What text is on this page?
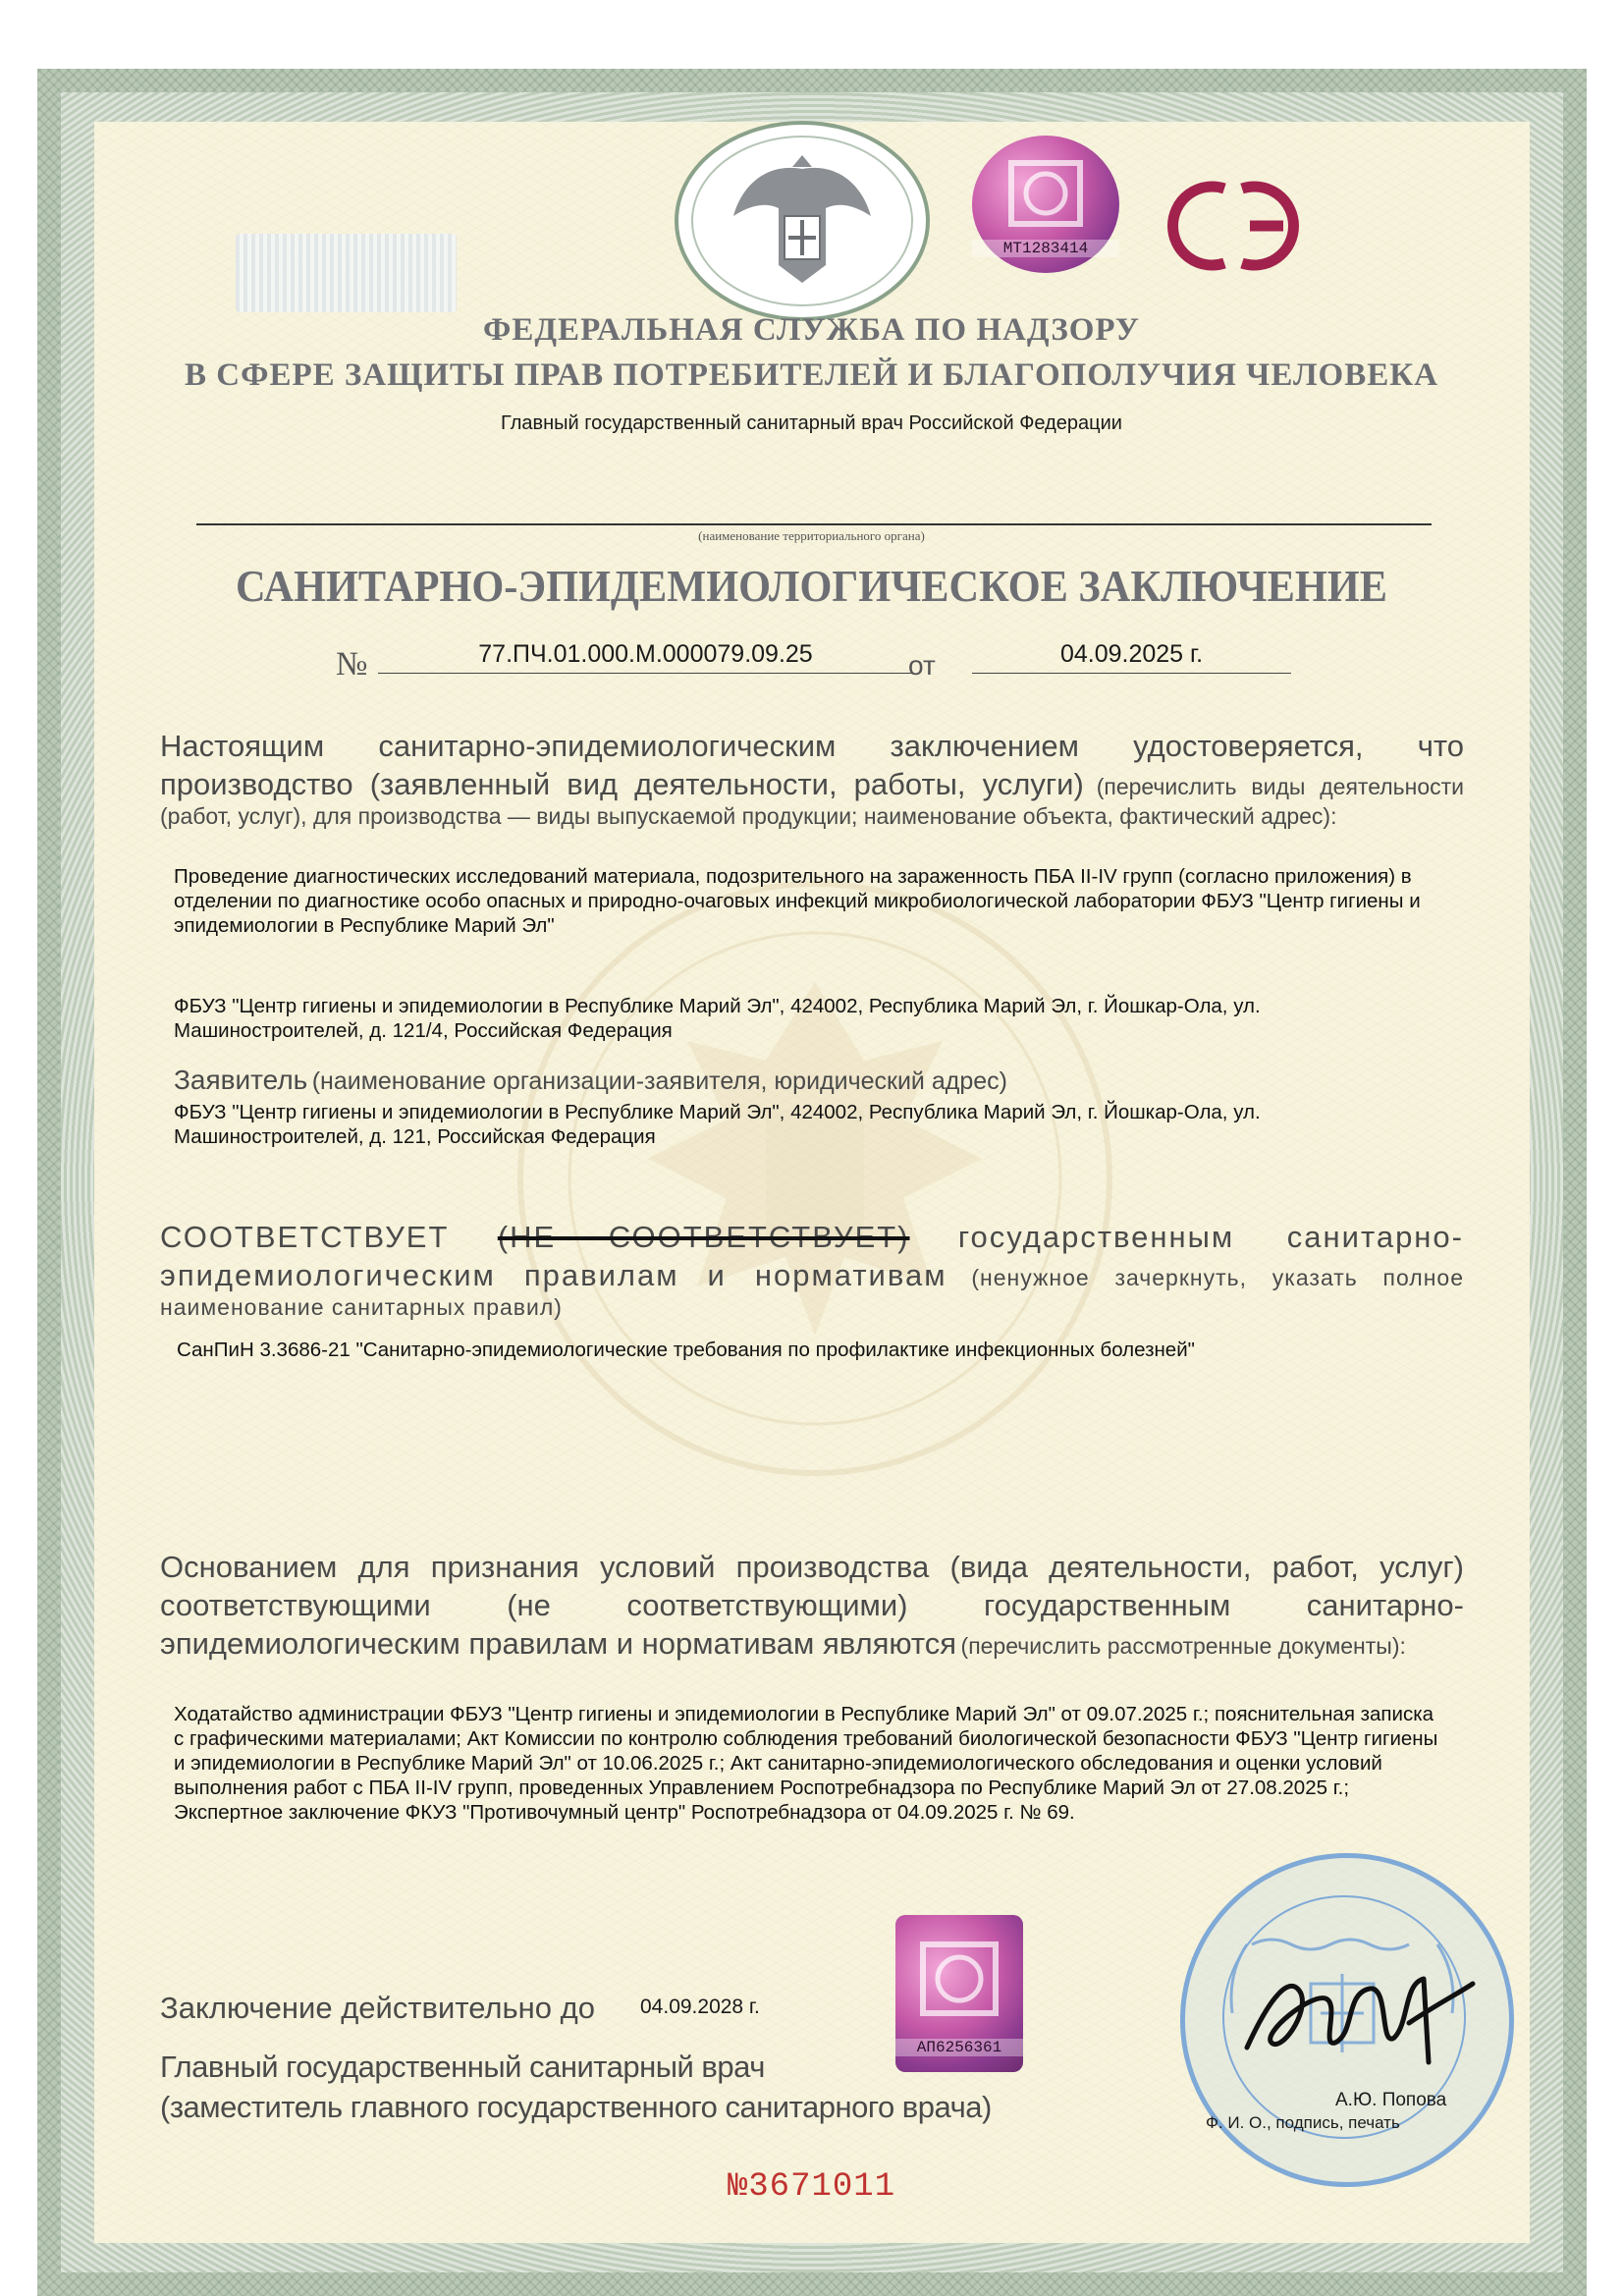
МТ1283414
ФЕДЕРАЛЬНАЯ СЛУЖБА ПО НАДЗОРУ
В СФЕРЕ ЗАЩИТЫ ПРАВ ПОТРЕБИТЕЛЕЙ И БЛАГОПОЛУЧИЯ ЧЕЛОВЕКА
Главный государственный санитарный врач Российской Федерации
(наименование территориального органа)
САНИТАРНО-ЭПИДЕМИОЛОГИЧЕСКОЕ ЗАКЛЮЧЕНИЕ
№	77.ПЧ.01.000.М.000079.09.25	от	04.09.2025 г.
Настоящим санитарно-эпидемиологическим заключением удостоверяется, что производство (заявленный вид деятельности, работы, услуги) (перечислить виды деятельности (работ, услуг), для производства — виды выпускаемой продукции; наименование объекта, фактический адрес):
Проведение диагностических исследований материала, подозрительного на зараженность ПБА II-IV групп (согласно приложения) в отделении по диагностике особо опасных и природно-очаговых инфекций микробиологической лаборатории ФБУЗ "Центр гигиены и эпидемиологии в Республике Марий Эл"
ФБУЗ "Центр гигиены и эпидемиологии в Республике Марий Эл", 424002, Республика Марий Эл, г. Йошкар-Ола, ул. Машиностроителей, д. 121/4, Российская Федерация
Заявитель (наименование организации-заявителя, юридический адрес)
ФБУЗ "Центр гигиены и эпидемиологии в Республике Марий Эл", 424002, Республика Марий Эл, г. Йошкар-Ола, ул. Машиностроителей, д. 121, Российская Федерация
СООТВЕТСТВУЕТ (НЕ СООТВЕТСТВУЕТ) государственным санитарно-эпидемиологическим правилам и нормативам (ненужное зачеркнуть, указать полное наименование санитарных правил)
СанПиН 3.3686-21 "Санитарно-эпидемиологические требования по профилактике инфекционных болезней"
Основанием для признания условий производства (вида деятельности, работ, услуг) соответствующими (не соответствующими) государственным санитарно-эпидемиологическим правилам и нормативам являются (перечислить рассмотренные документы):
Ходатайство администрации ФБУЗ "Центр гигиены и эпидемиологии в Республике Марий Эл" от 09.07.2025 г.; пояснительная записка с графическими материалами; Акт Комиссии по контролю соблюдения требований биологической безопасности ФБУЗ "Центр гигиены и эпидемиологии в Республике Марий Эл" от 10.06.2025 г.; Акт санитарно-эпидемиологического обследования и оценки условий выполнения работ с ПБА II-IV групп, проведенных Управлением Роспотребнадзора по Республике Марий Эл от 27.08.2025 г.; Экспертное заключение ФКУЗ "Противочумный центр" Роспотребнадзора от 04.09.2025 г. № 69.
АП6256361
Заключение действительно до 04.09.2028 г.
Главный государственный санитарный врач
(заместитель главного государственного санитарного врача)	А.Ю. Попова
Ф. И. О., подпись, печать
№3671011
